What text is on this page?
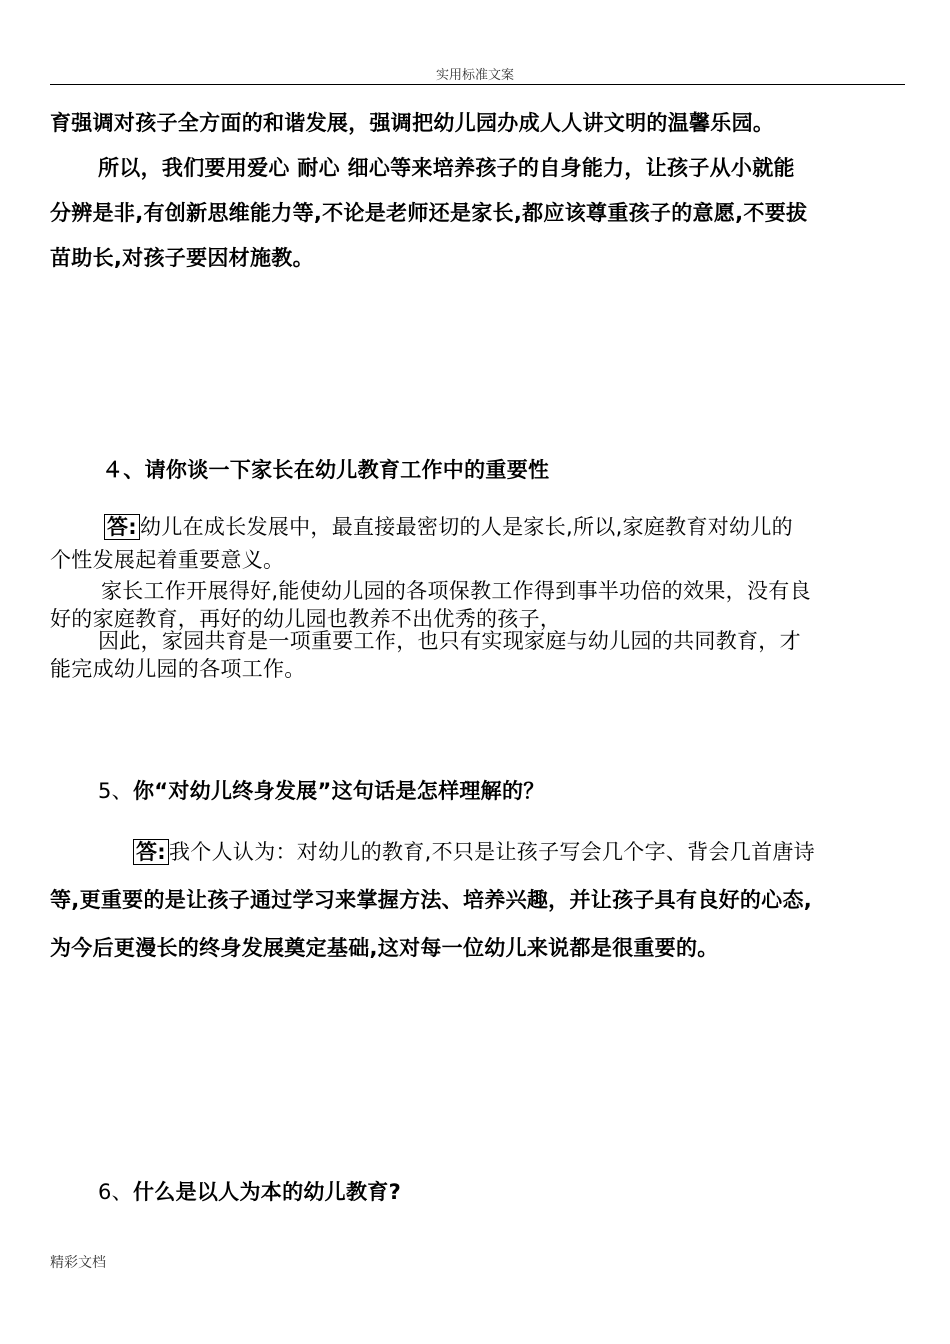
实用标准文案
育强调对孩子全方面的和谐发展，强调把幼儿园办成人人讲文明的温馨乐园。
所以，我们要用爱心 耐心 细心等来培养孩子的自身能力，让孩子从小就能
分辨是非,有创新思维能力等,不论是老师还是家长,都应该尊重孩子的意愿,不要拔
苗助长,对孩子要因材施教。
４、请你谈一下家长在幼儿教育工作中的重要性
答: 幼儿在成长发展中，最直接最密切的人是家长,所以,家庭教育对幼儿的
个性发展起着重要意义。
家长工作开展得好,能使幼儿园的各项保教工作得到事半功倍的效果，没有良
好的家庭教育，再好的幼儿园也教养不出优秀的孩子，
因此，家园共育是一项重要工作，也只有实现家庭与幼儿园的共同教育，才
能完成幼儿园的各项工作。
5、你“对幼儿终身发展”这句话是怎样理解的？
答: 我个人认为：对幼儿的教育,不只是让孩子写会几个字、背会几首唐诗
等,更重要的是让孩子通过学习来掌握方法、培养兴趣，并让孩子具有良好的心态,
为今后更漫长的终身发展奠定基础,这对每一位幼儿来说都是很重要的。
6、什么是以人为本的幼儿教育?
精彩文档
